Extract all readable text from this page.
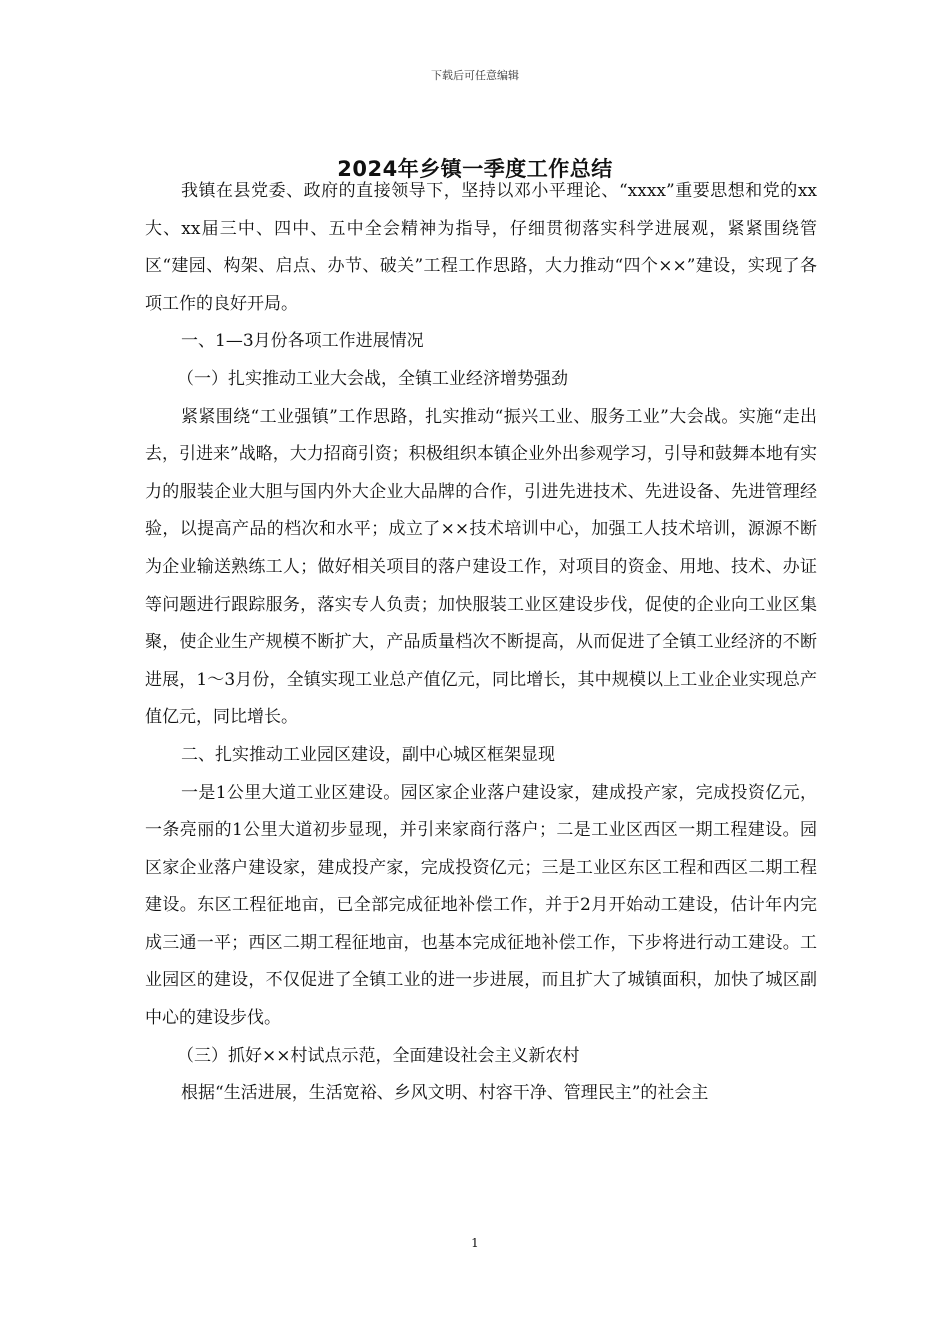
下载后可任意编辑
2024年乡镇一季度工作总结

我镇在县党委、政府的直接领导下，坚持以邓小平理论、“xxxx”重要思想和党的xx大、xx届三中、四中、五中全会精神为指导，仔细贯彻落实科学进展观，紧紧围绕管区“建园、构架、启点、办节、破关”工程工作思路，大力推动“四个××”建设，实现了各项工作的良好开局。

一、1—3月份各项工作进展情况

（一）扎实推动工业大会战，全镇工业经济增势强劲

紧紧围绕“工业强镇”工作思路，扎实推动“振兴工业、服务工业”大会战。实施“走出去，引进来”战略，大力招商引资；积极组织本镇企业外出参观学习，引导和鼓舞本地有实力的服装企业大胆与国内外大企业大品牌的合作，引进先进技术、先进设备、先进管理经验，以提高产品的档次和水平；成立了××技术培训中心，加强工人技术培训，源源不断为企业输送熟练工人；做好相关项目的落户建设工作，对项目的资金、用地、技术、办证等问题进行跟踪服务，落实专人负责；加快服装工业区建设步伐，促使的企业向工业区集聚，使企业生产规模不断扩大，产品质量档次不断提高，从而促进了全镇工业经济的不断进展，1～3月份，全镇实现工业总产值亿元，同比增长，其中规模以上工业企业实现总产值亿元，同比增长。

二、扎实推动工业园区建设，副中心城区框架显现

一是1公里大道工业区建设。园区家企业落户建设家，建成投产家，完成投资亿元，一条亮丽的1公里大道初步显现，并引来家商行落户；二是工业区西区一期工程建设。园区家企业落户建设家，建成投产家，完成投资亿元；三是工业区东区工程和西区二期工程建设。东区工程征地亩，已全部完成征地补偿工作，并于2月开始动工建设，估计年内完成三通一平；西区二期工程征地亩，也基本完成征地补偿工作，下步将进行动工建设。工业园区的建设，不仅促进了全镇工业的进一步进展，而且扩大了城镇面积，加快了城区副中心的建设步伐。

（三）抓好××村试点示范，全面建设社会主义新农村

根据“生活进展，生活宽裕、乡风文明、村容干净、管理民主”的社会主

1
